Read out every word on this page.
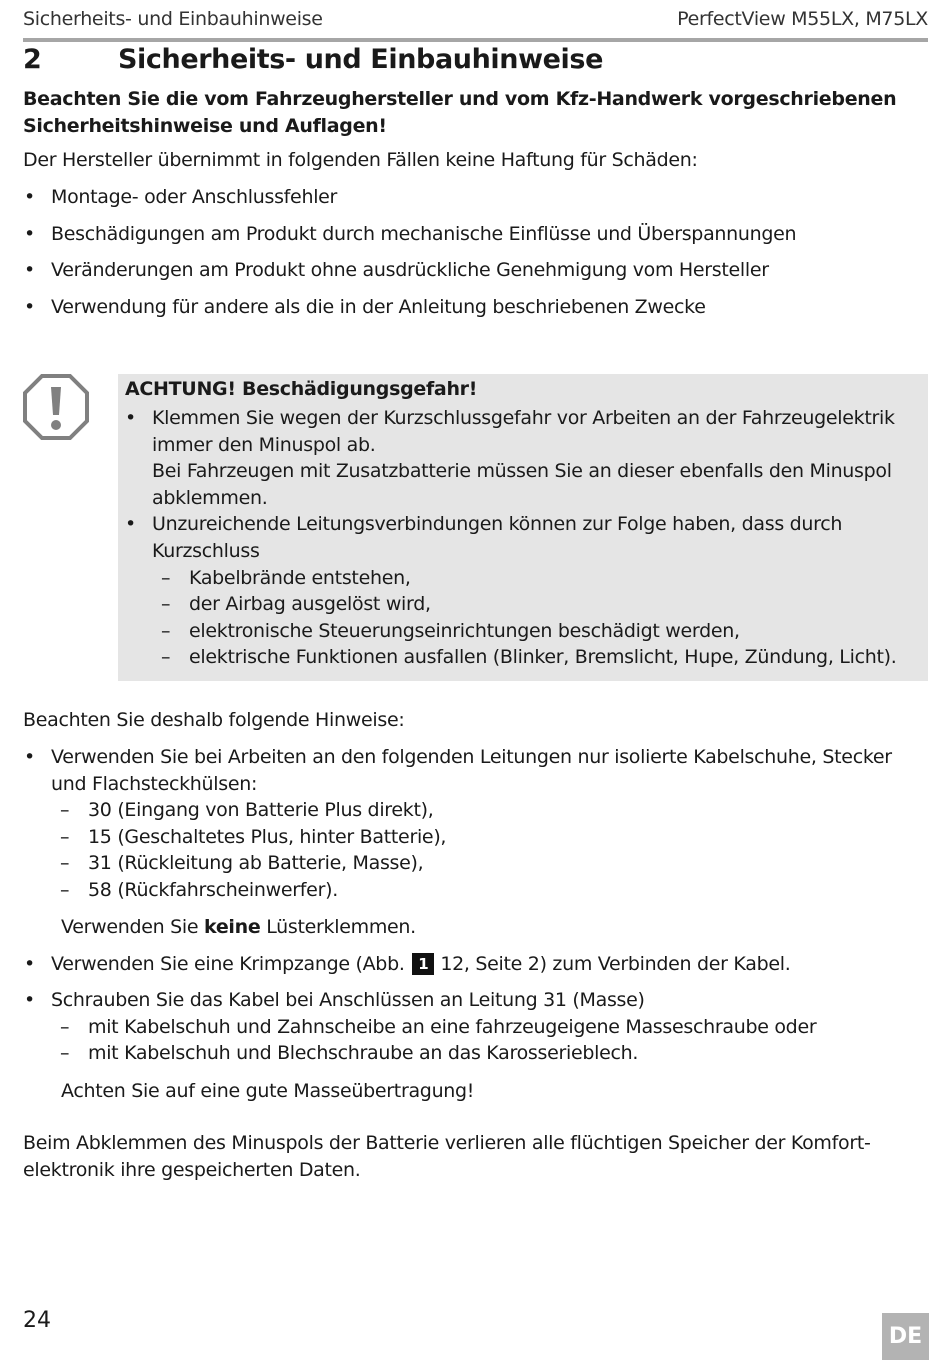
Sicherheits- und Einbauhinweise	PerfectView M55LX, M75LX
2	Sicherheits- und Einbauhinweise
Beachten Sie die vom Fahrzeughersteller und vom Kfz-Handwerk vorgeschriebenen Sicherheitshinweise und Auflagen!
Der Hersteller übernimmt in folgenden Fällen keine Haftung für Schäden:
• Montage- oder Anschlussfehler
• Beschädigungen am Produkt durch mechanische Einflüsse und Überspannungen
• Veränderungen am Produkt ohne ausdrückliche Genehmigung vom Hersteller
• Verwendung für andere als die in der Anleitung beschriebenen Zwecke
ACHTUNG! Beschädigungsgefahr!
• Klemmen Sie wegen der Kurzschlussgefahr vor Arbeiten an der Fahrzeugelektrik immer den Minuspol ab.
Bei Fahrzeugen mit Zusatzbatterie müssen Sie an dieser ebenfalls den Minuspol abklemmen.
• Unzureichende Leitungsverbindungen können zur Folge haben, dass durch Kurzschluss
– Kabelbrände entstehen,
– der Airbag ausgelöst wird,
– elektronische Steuerungseinrichtungen beschädigt werden,
– elektrische Funktionen ausfallen (Blinker, Bremslicht, Hupe, Zündung, Licht).
Beachten Sie deshalb folgende Hinweise:
• Verwenden Sie bei Arbeiten an den folgenden Leitungen nur isolierte Kabelschuhe, Stecker und Flachsteckhülsen:
– 30 (Eingang von Batterie Plus direkt),
– 15 (Geschaltetes Plus, hinter Batterie),
– 31 (Rückleitung ab Batterie, Masse),
– 58 (Rückfahrscheinwerfer).
Verwenden Sie keine Lüsterklemmen.
• Verwenden Sie eine Krimpzange (Abb. 1 12, Seite 2) zum Verbinden der Kabel.
• Schrauben Sie das Kabel bei Anschlüssen an Leitung 31 (Masse)
– mit Kabelschuh und Zahnscheibe an eine fahrzeugeigene Masseschraube oder
– mit Kabelschuh und Blechschraube an das Karosserieblech.
Achten Sie auf eine gute Masseübertragung!
Beim Abklemmen des Minuspols der Batterie verlieren alle flüchtigen Speicher der Komfort-
elektronik ihre gespeicherten Daten.
24
DE
